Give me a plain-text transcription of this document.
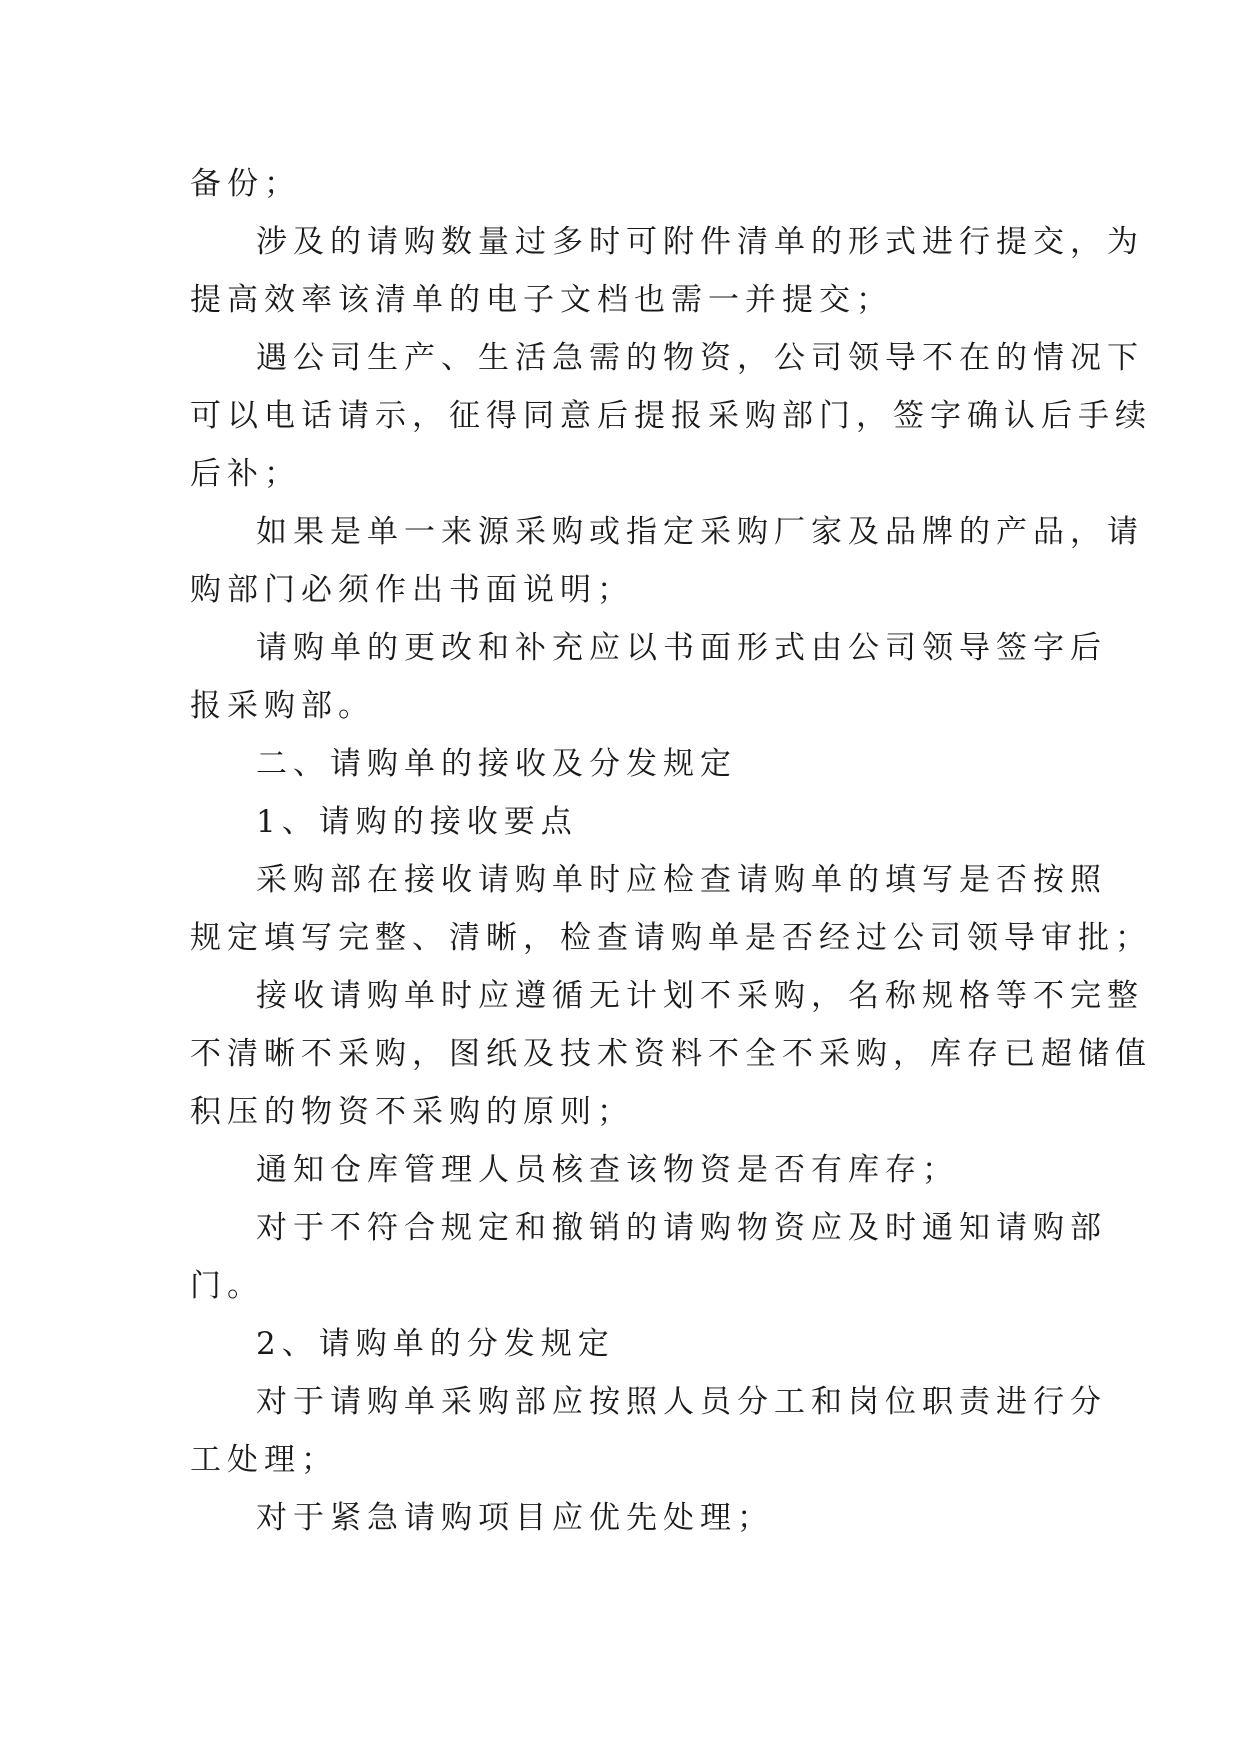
备份；
涉及的请购数量过多时可附件清单的形式进行提交，为
提高效率该清单的电子文档也需一并提交；
遇公司生产、生活急需的物资，公司领导不在的情况下
可以电话请示，征得同意后提报采购部门，签字确认后手续
后补；
如果是单一来源采购或指定采购厂家及品牌的产品，请
购部门必须作出书面说明；
请购单的更改和补充应以书面形式由公司领导签字后
报采购部。
二、请购单的接收及分发规定
1、请购的接收要点
采购部在接收请购单时应检查请购单的填写是否按照
规定填写完整、清晰，检查请购单是否经过公司领导审批；
接收请购单时应遵循无计划不采购，名称规格等不完整
不清晰不采购，图纸及技术资料不全不采购，库存已超储值
积压的物资不采购的原则；
通知仓库管理人员核查该物资是否有库存；
对于不符合规定和撤销的请购物资应及时通知请购部
门。
2、请购单的分发规定
对于请购单采购部应按照人员分工和岗位职责进行分
工处理；
对于紧急请购项目应优先处理；
